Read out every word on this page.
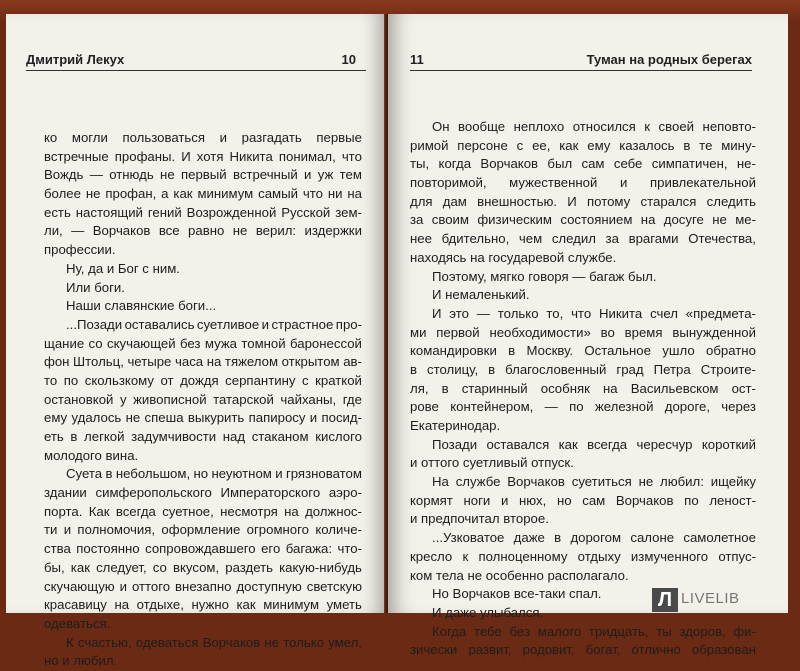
Дмитрий Лекух	10
ко могли пользоваться и разгадать первые
встречные профаны. И хотя Никита понимал, что
Вождь — отнюдь не первый встречный и уж тем
более не профан, а как минимум самый что ни на
есть настоящий гений Возрожденной Русской зем-
ли, — Ворчаков все равно не верил: издержки
профессии.
Ну, да и Бог с ним.
Или боги.
Наши славянские боги...
...Позади оставались суетливое и страстное про-
щание со скучающей без мужа томной баронессой
фон Штольц, четыре часа на тяжелом открытом ав-
то по скользкому от дождя серпантину с краткой
остановкой у живописной татарской чайханы, где
ему удалось не спеша выкурить папиросу и посид-
еть в легкой задумчивости над стаканом кислого
молодого вина.
Суета в небольшом, но неуютном и грязноватом
здании симферопольского Императорского аэро-
порта. Как всегда суетное, несмотря на должнос-
ти и полномочия, оформление огромного количе-
ства постоянно сопровождавшего его багажа: что-
бы, как следует, со вкусом, раздеть какую-нибудь
скучающую и оттого внезапно доступную светскую
красавицу на отдыхе, нужно как минимум уметь
одеваться.
К счастью, одеваться Ворчаков не только умел,
но и любил.
11	Туман на родных берегах
Он вообще неплохо относился к своей неповто-
римой персоне с ее, как ему казалось в те мину-
ты, когда Ворчаков был сам себе симпатичен, не-
повторимой, мужественной и привлекательной
для дам внешностью. И потому старался следить
за своим физическим состоянием на досуге не ме-
нее бдительно, чем следил за врагами Отечества,
находясь на государевой службе.
Поэтому, мягко говоря — багаж был.
И немаленький.
И это — только то, что Никита счел «предмета-
ми первой необходимости» во время вынужденной
командировки в Москву. Остальное ушло обратно
в столицу, в благословенный град Петра Строите-
ля, в старинный особняк на Васильевском ост-
рове контейнером, — по железной дороге, через
Екатеринодар.
Позади оставался как всегда чересчур короткий
и оттого суетливый отпуск.
На службе Ворчаков суетиться не любил: ищейку
кормят ноги и нюх, но сам Ворчаков по леност-
и предпочитал второе.
...Узковатое даже в дорогом салоне самолетное
кресло к полноценному отдыху измученного отпус-
ком тела не особенно располагало.
Но Ворчаков все-таки спал.
И даже улыбался.
Когда тебе без малого тридцать, ты здоров, фи-
зически развит, родовит, богат, отлично образован
Л LIVELIB
